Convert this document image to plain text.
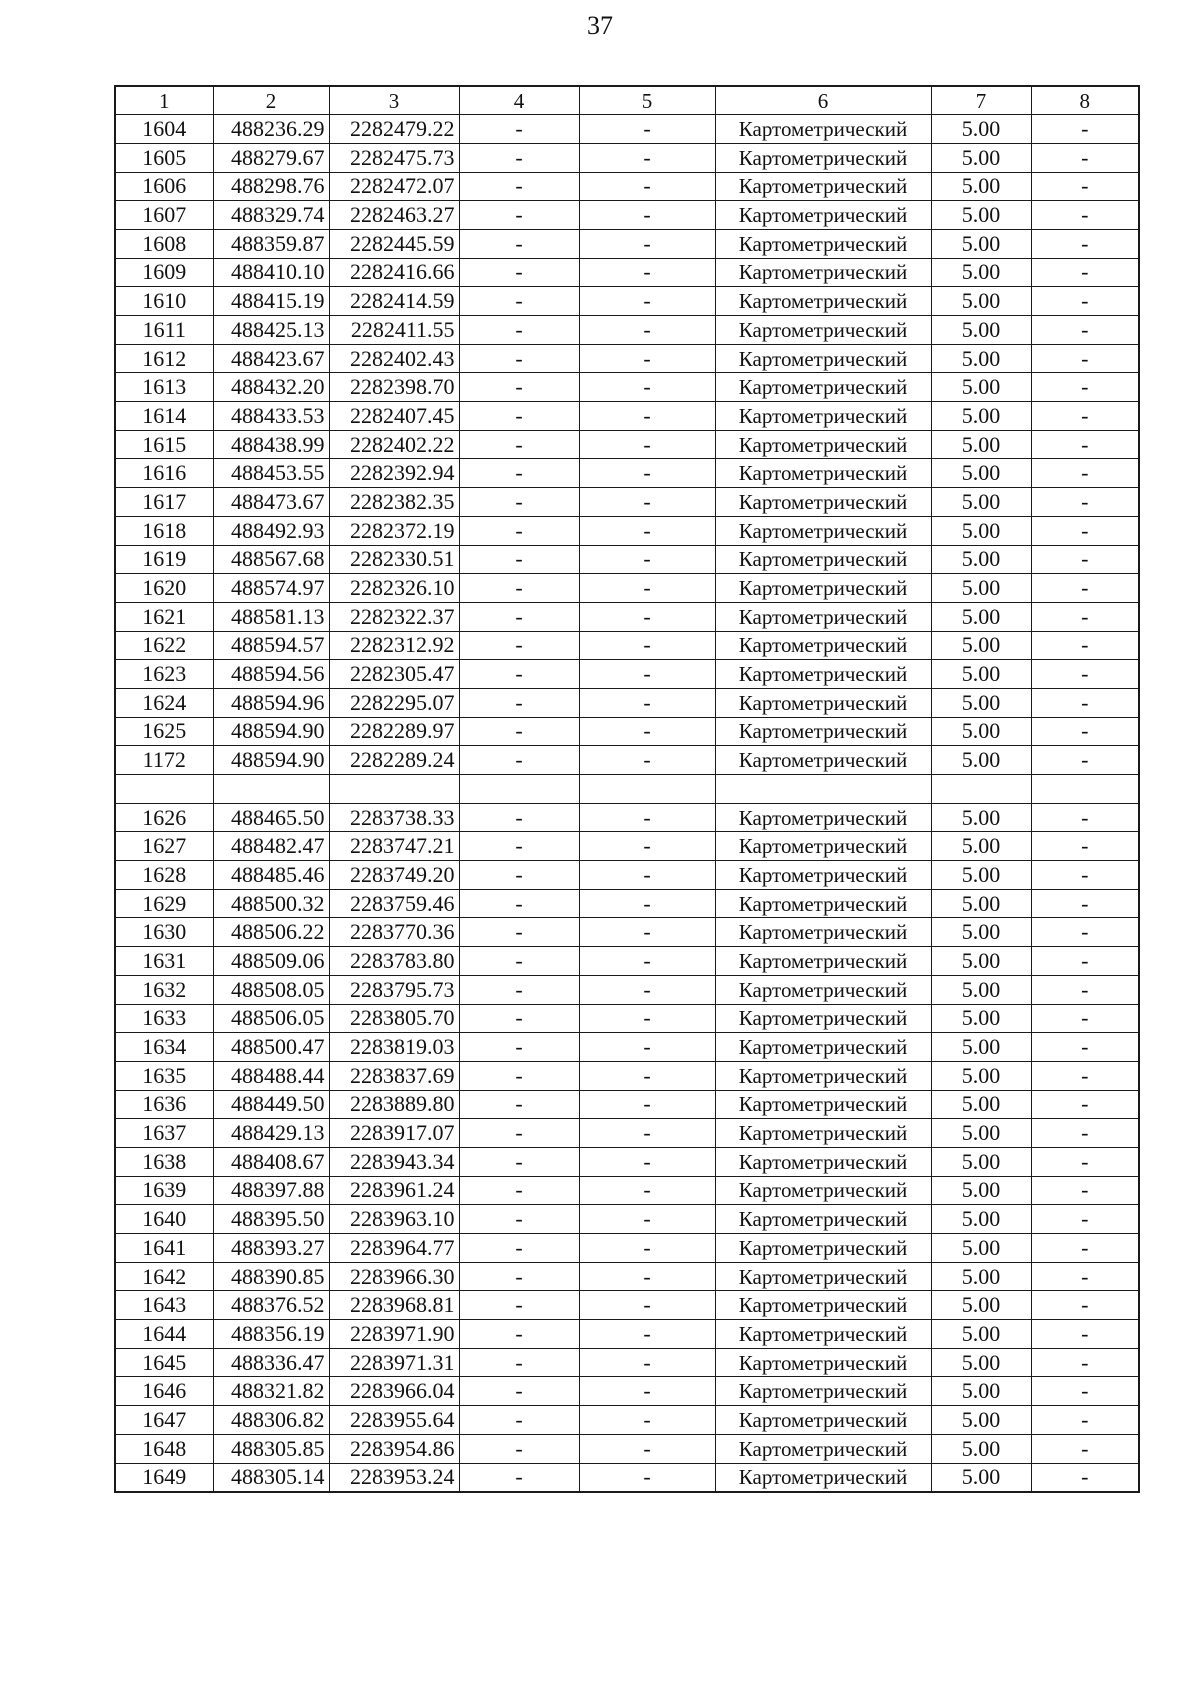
37
1	2	3	4	5	6	7	8
1604	488236.29	2282479.22	-	-	Картометрический	5.00	-
1605	488279.67	2282475.73	-	-	Картометрический	5.00	-
1606	488298.76	2282472.07	-	-	Картометрический	5.00	-
1607	488329.74	2282463.27	-	-	Картометрический	5.00	-
1608	488359.87	2282445.59	-	-	Картометрический	5.00	-
1609	488410.10	2282416.66	-	-	Картометрический	5.00	-
1610	488415.19	2282414.59	-	-	Картометрический	5.00	-
1611	488425.13	2282411.55	-	-	Картометрический	5.00	-
1612	488423.67	2282402.43	-	-	Картометрический	5.00	-
1613	488432.20	2282398.70	-	-	Картометрический	5.00	-
1614	488433.53	2282407.45	-	-	Картометрический	5.00	-
1615	488438.99	2282402.22	-	-	Картометрический	5.00	-
1616	488453.55	2282392.94	-	-	Картометрический	5.00	-
1617	488473.67	2282382.35	-	-	Картометрический	5.00	-
1618	488492.93	2282372.19	-	-	Картометрический	5.00	-
1619	488567.68	2282330.51	-	-	Картометрический	5.00	-
1620	488574.97	2282326.10	-	-	Картометрический	5.00	-
1621	488581.13	2282322.37	-	-	Картометрический	5.00	-
1622	488594.57	2282312.92	-	-	Картометрический	5.00	-
1623	488594.56	2282305.47	-	-	Картометрический	5.00	-
1624	488594.96	2282295.07	-	-	Картометрический	5.00	-
1625	488594.90	2282289.97	-	-	Картометрический	5.00	-
1172	488594.90	2282289.24	-	-	Картометрический	5.00	-

1626	488465.50	2283738.33	-	-	Картометрический	5.00	-
1627	488482.47	2283747.21	-	-	Картометрический	5.00	-
1628	488485.46	2283749.20	-	-	Картометрический	5.00	-
1629	488500.32	2283759.46	-	-	Картометрический	5.00	-
1630	488506.22	2283770.36	-	-	Картометрический	5.00	-
1631	488509.06	2283783.80	-	-	Картометрический	5.00	-
1632	488508.05	2283795.73	-	-	Картометрический	5.00	-
1633	488506.05	2283805.70	-	-	Картометрический	5.00	-
1634	488500.47	2283819.03	-	-	Картометрический	5.00	-
1635	488488.44	2283837.69	-	-	Картометрический	5.00	-
1636	488449.50	2283889.80	-	-	Картометрический	5.00	-
1637	488429.13	2283917.07	-	-	Картометрический	5.00	-
1638	488408.67	2283943.34	-	-	Картометрический	5.00	-
1639	488397.88	2283961.24	-	-	Картометрический	5.00	-
1640	488395.50	2283963.10	-	-	Картометрический	5.00	-
1641	488393.27	2283964.77	-	-	Картометрический	5.00	-
1642	488390.85	2283966.30	-	-	Картометрический	5.00	-
1643	488376.52	2283968.81	-	-	Картометрический	5.00	-
1644	488356.19	2283971.90	-	-	Картометрический	5.00	-
1645	488336.47	2283971.31	-	-	Картометрический	5.00	-
1646	488321.82	2283966.04	-	-	Картометрический	5.00	-
1647	488306.82	2283955.64	-	-	Картометрический	5.00	-
1648	488305.85	2283954.86	-	-	Картометрический	5.00	-
1649	488305.14	2283953.24	-	-	Картометрический	5.00	-
